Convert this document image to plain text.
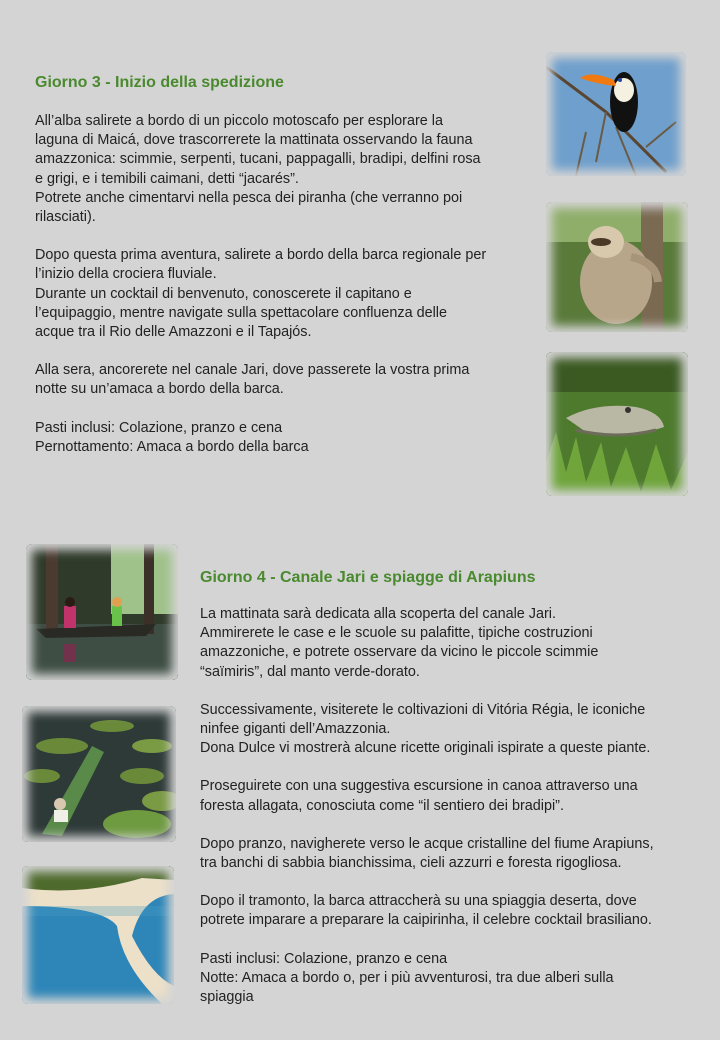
Giorno 3 - Inizio della spedizione

All’alba salirete a bordo di un piccolo motoscafo per esplorare la
laguna di Maicá, dove trascorrerete la mattinata osservando la fauna
amazzonica: scimmie, serpenti, tucani, pappagalli, bradipi, delfini rosa
e grigi, e i temibili caimani, detti “jacarés”.
Potrete anche cimentarvi nella pesca dei piranha (che verranno poi
rilasciati).

Dopo questa prima aventura, salirete a bordo della barca regionale per
l’inizio della crociera fluviale.
Durante un cocktail di benvenuto, conoscerete il capitano e
l’equipaggio, mentre navigate sulla spettacolare confluenza delle
acque tra il Rio delle Amazzoni e il Tapajós.

Alla sera, ancorerete nel canale Jari, dove passerete la vostra prima
notte su un’amaca a bordo della barca.

Pasti inclusi: Colazione, pranzo e cena
Pernottamento: Amaca a bordo della barca

Giorno 4 - Canale Jari e spiagge di Arapiuns

La mattinata sarà dedicata alla scoperta del canale Jari.
Ammirerete le case e le scuole su palafitte, tipiche costruzioni
amazzoniche, e potrete osservare da vicino le piccole scimmie
“saïmiris”, dal manto verde-dorato.

Successivamente, visiterete le coltivazioni di Vitória Régia, le iconiche
ninfee giganti dell’Amazzonia.
Dona Dulce vi mostrerà alcune ricette originali ispirate a queste piante.

Proseguirete con una suggestiva escursione in canoa attraverso una
foresta allagata, conosciuta come “il sentiero dei bradipi”.

Dopo pranzo, navigherete verso le acque cristalline del fiume Arapiuns,
tra banchi di sabbia bianchissima, cieli azzurri e foresta rigogliosa.

Dopo il tramonto, la barca attraccherà su una spiaggia deserta, dove
potrete imparare a preparare la caipirinha, il celebre cocktail brasiliano.

Pasti inclusi: Colazione, pranzo e cena
Notte: Amaca a bordo o, per i più avventurosi, tra due alberi sulla
spiaggia
